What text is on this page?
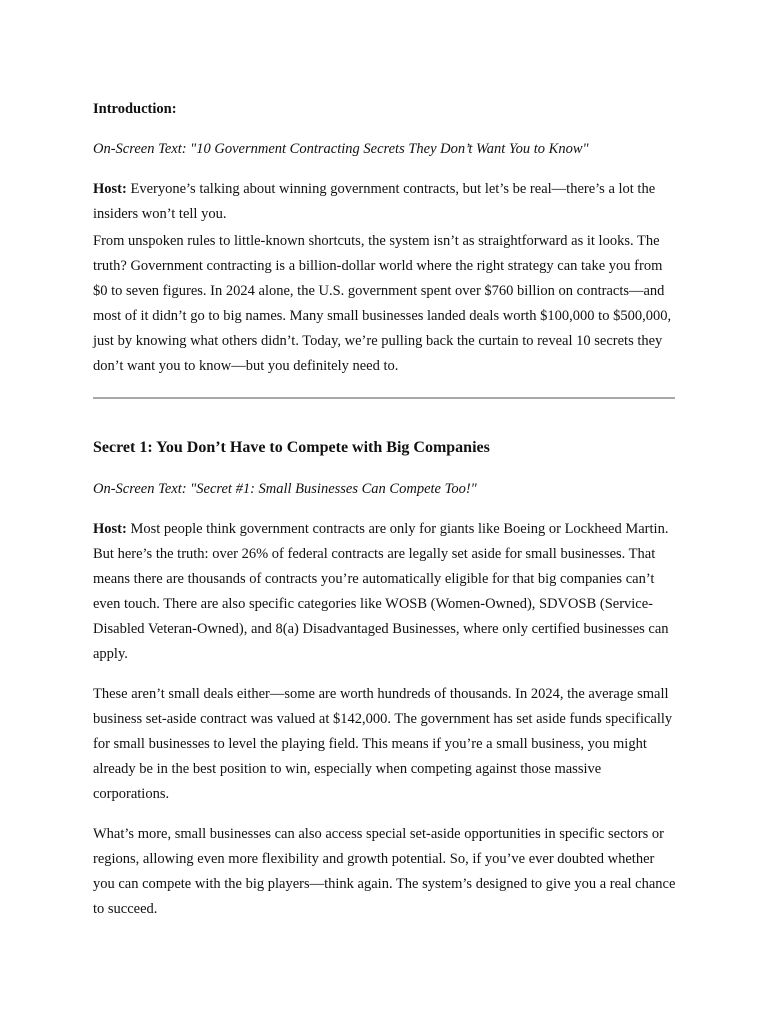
Introduction:

On-Screen Text: "10 Government Contracting Secrets They Don’t Want You to Know"

Host: Everyone’s talking about winning government contracts, but let’s be real—there’s a lot the insiders won’t tell you.

From unspoken rules to little-known shortcuts, the system isn’t as straightforward as it looks. The truth? Government contracting is a billion-dollar world where the right strategy can take you from $0 to seven figures. In 2024 alone, the U.S. government spent over $760 billion on contracts—and most of it didn’t go to big names. Many small businesses landed deals worth $100,000 to $500,000, just by knowing what others didn’t. Today, we’re pulling back the curtain to reveal 10 secrets they don’t want you to know—but you definitely need to.

Secret 1: You Don’t Have to Compete with Big Companies

On-Screen Text: "Secret #1: Small Businesses Can Compete Too!"

Host: Most people think government contracts are only for giants like Boeing or Lockheed Martin. But here’s the truth: over 26% of federal contracts are legally set aside for small businesses. That means there are thousands of contracts you’re automatically eligible for that big companies can’t even touch. There are also specific categories like WOSB (Women-Owned), SDVOSB (Service-Disabled Veteran-Owned), and 8(a) Disadvantaged Businesses, where only certified businesses can apply.

These aren’t small deals either—some are worth hundreds of thousands. In 2024, the average small business set-aside contract was valued at $142,000. The government has set aside funds specifically for small businesses to level the playing field. This means if you’re a small business, you might already be in the best position to win, especially when competing against those massive corporations.

What’s more, small businesses can also access special set-aside opportunities in specific sectors or regions, allowing even more flexibility and growth potential. So, if you’ve ever doubted whether you can compete with the big players—think again. The system’s designed to give you a real chance to succeed.
